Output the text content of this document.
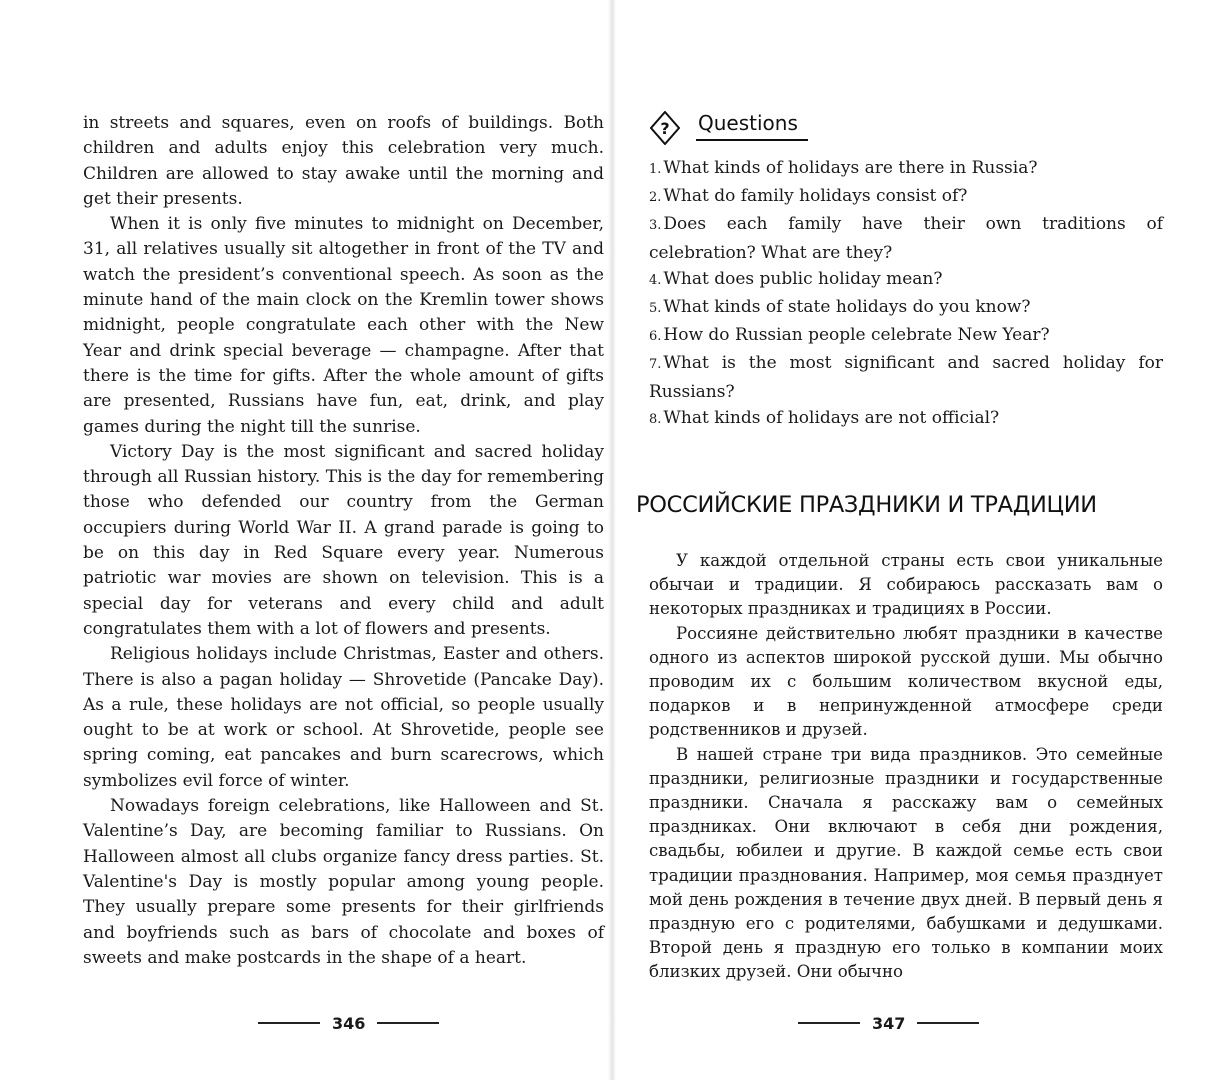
in streets and squares, even on roofs of buildings. Both children and adults enjoy this celebration very much. Children are allowed to stay awake until the morning and get their presents.

When it is only five minutes to midnight on December, 31, all relatives usually sit altogether in front of the TV and watch the president’s conventional speech. As soon as the minute hand of the main clock on the Kremlin tower shows midnight, people congratulate each other with the New Year and drink special beverage — champagne. After that there is the time for gifts. After the whole amount of gifts are presented, Russians have fun, eat, drink, and play games during the night till the sunrise.

Victory Day is the most significant and sacred holiday through all Russian history. This is the day for remembering those who defended our country from the German occupiers during World War II. A grand parade is going to be on this day in Red Square every year. Numerous patriotic war movies are shown on television. This is a special day for veterans and every child and adult congratulates them with a lot of flowers and presents.

Religious holidays include Christmas, Easter and others. There is also a pagan holiday — Shrovetide (Pancake Day). As a rule, these holidays are not official, so people usually ought to be at work or school. At Shrovetide, people see spring coming, eat pancakes and burn scarecrows, which symbolizes evil force of winter.

Nowadays foreign celebrations, like Halloween and St. Valentine’s Day, are becoming familiar to Russians. On Halloween almost all clubs organize fancy dress parties. St. Valentine's Day is mostly popular among young people. They usually prepare some presents for their girlfriends and boyfriends such as bars of chocolate and boxes of sweets and make postcards in the shape of a heart.

346
? Questions
1. What kinds of holidays are there in Russia?
2. What do family holidays consist of?
3. Does each family have their own traditions of celebration? What are they?
4. What does public holiday mean?
5. What kinds of state holidays do you know?
6. How do Russian people celebrate New Year?
7. What is the most significant and sacred holiday for Russians?
8. What kinds of holidays are not official?
РОССИЙСКИЕ ПРАЗДНИКИ И ТРАДИЦИИ

У каждой отдельной страны есть свои уникальные обычаи и традиции. Я собираюсь рассказать вам о некоторых праздниках и традициях в России.

Россияне действительно любят праздники в качестве одного из аспектов широкой русской души. Мы обычно проводим их с большим количеством вкусной еды, подарков и в непринужденной атмосфере среди родственников и друзей.

В нашей стране три вида праздников. Это семейные праздники, религиозные праздники и государственные праздники. Сначала я расскажу вам о семейных праздниках. Они включают в себя дни рождения, свадьбы, юбилеи и другие. В каждой семье есть свои традиции празднования. Например, моя семья празднует мой день рождения в течение двух дней. В первый день я праздную его с родителями, бабушками и дедушками. Второй день я праздную его только в компании моих близких друзей. Они обычно

347
